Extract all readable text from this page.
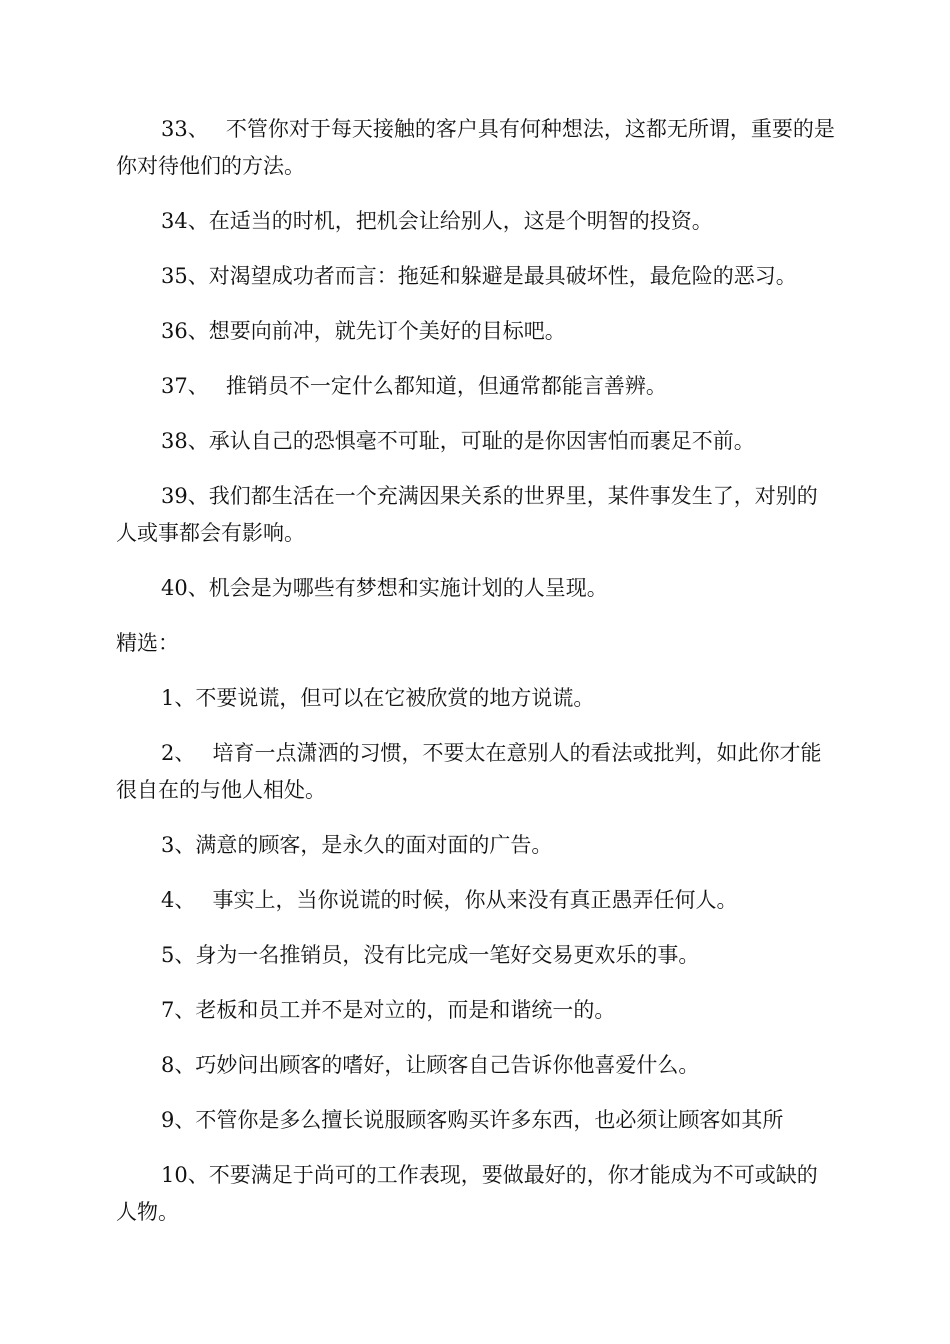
33、　 不管你对于每天接触的客户具有何种想法，这都无所谓，重要的是你对待他们的方法。

34、在适当的时机，把机会让给别人，这是个明智的投资。

35、对渴望成功者而言：拖延和躲避是最具破坏性，最危险的恶习。

36、想要向前冲，就先订个美好的目标吧。

37、　 推销员不一定什么都知道，但通常都能言善辨。

38、承认自己的恐惧毫不可耻，可耻的是你因害怕而裹足不前。

39、我们都生活在一个充满因果关系的世界里，某件事发生了，对别的人或事都会有影响。

40、机会是为哪些有梦想和实施计划的人呈现。

精选：

1、不要说谎，但可以在它被欣赏的地方说谎。

2、　 培育一点潇洒的习惯，不要太在意别人的看法或批判，如此你才能很自在的与他人相处。

3、满意的顾客，是永久的面对面的广告。

4、　 事实上，当你说谎的时候，你从来没有真正愚弄任何人。

5、身为一名推销员，没有比完成一笔好交易更欢乐的事。

7、老板和员工并不是对立的，而是和谐统一的。

8、巧妙问出顾客的嗜好，让顾客自己告诉你他喜爱什么。

9、不管你是多么擅长说服顾客购买许多东西，也必须让顾客如其所

10、不要满足于尚可的工作表现，要做最好的，你才能成为不可或缺的人物。
